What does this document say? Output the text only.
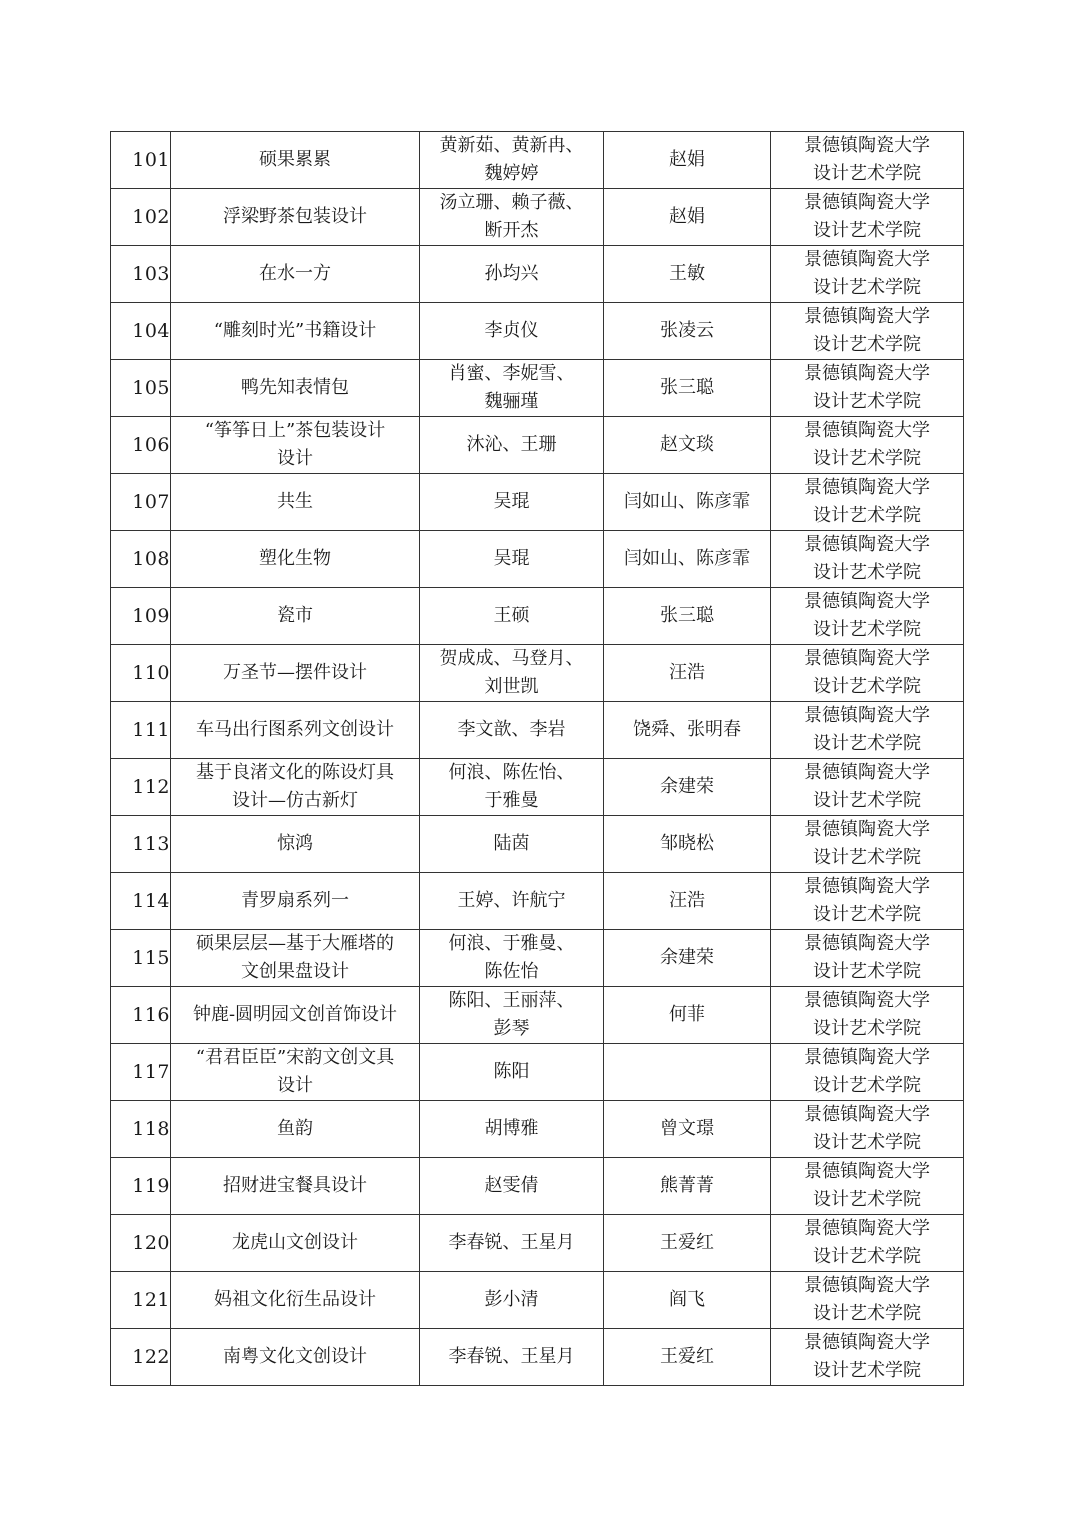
101	硕果累累	黄新茹、黄新冉、
魏婷婷	赵娟	景德镇陶瓷大学
设计艺术学院

102	浮梁野茶包装设计	汤立珊、赖子薇、
断开杰	赵娟	景德镇陶瓷大学
设计艺术学院

103	在水一方	孙均兴	王敏	景德镇陶瓷大学
设计艺术学院

104	“雕刻时光”书籍设计	李贞仪	张凌云	景德镇陶瓷大学
设计艺术学院

105	鸭先知表情包	肖蜜、李妮雪、
魏骊瑾	张三聪	景德镇陶瓷大学
设计艺术学院

106	“筝筝日上”茶包装设计
设计	沐沁、王珊	赵文琰	景德镇陶瓷大学
设计艺术学院

107	共生	吴琨	闫如山、陈彦霏	景德镇陶瓷大学
设计艺术学院

108	塑化生物	吴琨	闫如山、陈彦霏	景德镇陶瓷大学
设计艺术学院

109	瓷市	王硕	张三聪	景德镇陶瓷大学
设计艺术学院

110	万圣节—摆件设计	贺成成、马登月、
刘世凯	汪浩	景德镇陶瓷大学
设计艺术学院

111	车马出行图系列文创设计	李文歆、李岩	饶舜、张明春	景德镇陶瓷大学
设计艺术学院

112	基于良渚文化的陈设灯具
设计—仿古新灯	何浪、陈佐怡、
于雅曼	余建荣	景德镇陶瓷大学
设计艺术学院

113	惊鸿	陆茵	邹晓松	景德镇陶瓷大学
设计艺术学院

114	青罗扇系列一	王婷、许航宁	汪浩	景德镇陶瓷大学
设计艺术学院

115	硕果层层—基于大雁塔的
文创果盘设计	何浪、于雅曼、
陈佐怡	余建荣	景德镇陶瓷大学
设计艺术学院

116	钟鹿-圆明园文创首饰设计	陈阳、王丽萍、
彭琴	何菲	景德镇陶瓷大学
设计艺术学院

117	“君君臣臣”宋韵文创文具
设计	陈阳		景德镇陶瓷大学
设计艺术学院

118	鱼韵	胡博雅	曾文璟	景德镇陶瓷大学
设计艺术学院

119	招财进宝餐具设计	赵雯倩	熊菁菁	景德镇陶瓷大学
设计艺术学院

120	龙虎山文创设计	李春锐、王星月	王爱红	景德镇陶瓷大学
设计艺术学院

121	妈祖文化衍生品设计	彭小清	阎飞	景德镇陶瓷大学
设计艺术学院

122	南粤文化文创设计	李春锐、王星月	王爱红	景德镇陶瓷大学
设计艺术学院
